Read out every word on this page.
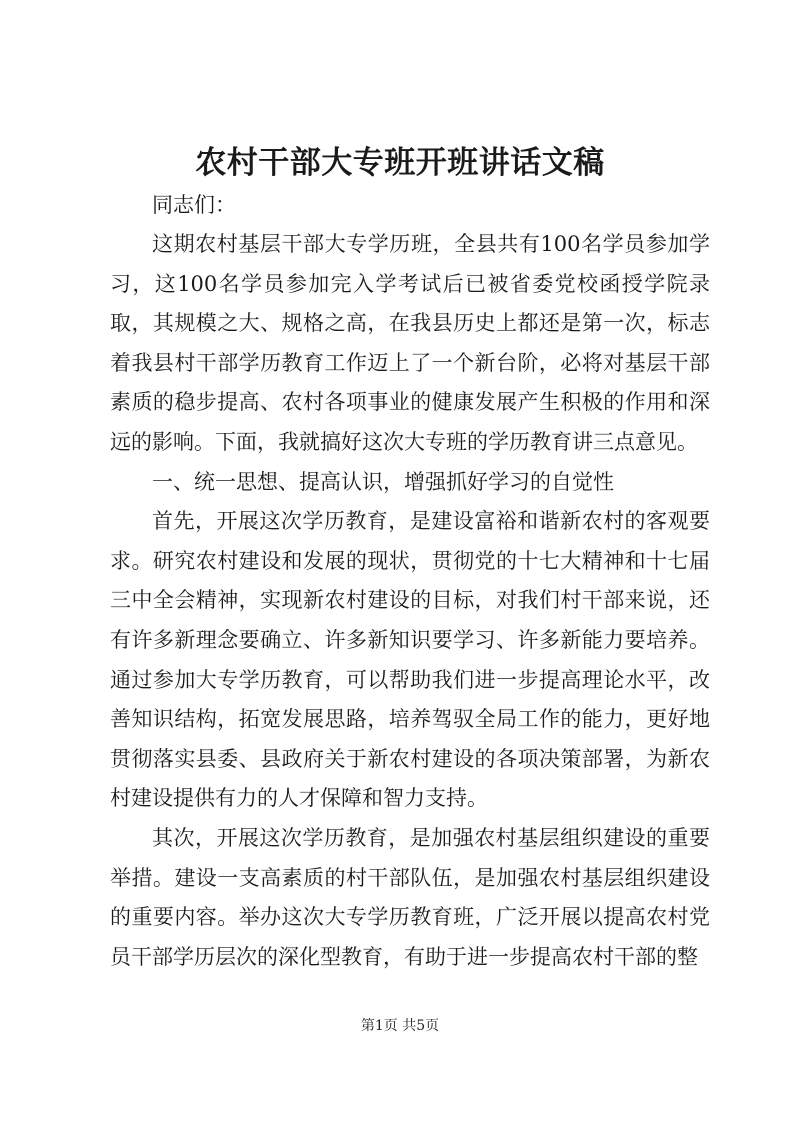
农村干部大专班开班讲话文稿

同志们：

这期农村基层干部大专学历班，全县共有100名学员参加学习，这100名学员参加完入学考试后已被省委党校函授学院录取，其规模之大、规格之高，在我县历史上都还是第一次，标志着我县村干部学历教育工作迈上了一个新台阶，必将对基层干部素质的稳步提高、农村各项事业的健康发展产生积极的作用和深远的影响。下面，我就搞好这次大专班的学历教育讲三点意见。

一、统一思想、提高认识，增强抓好学习的自觉性

首先，开展这次学历教育，是建设富裕和谐新农村的客观要求。研究农村建设和发展的现状，贯彻党的十七大精神和十七届三中全会精神，实现新农村建设的目标，对我们村干部来说，还有许多新理念要确立、许多新知识要学习、许多新能力要培养。通过参加大专学历教育，可以帮助我们进一步提高理论水平，改善知识结构，拓宽发展思路，培养驾驭全局工作的能力，更好地贯彻落实县委、县政府关于新农村建设的各项决策部署，为新农村建设提供有力的人才保障和智力支持。

其次，开展这次学历教育，是加强农村基层组织建设的重要举措。建设一支高素质的村干部队伍，是加强农村基层组织建设的重要内容。举办这次大专学历教育班，广泛开展以提高农村党员干部学历层次的深化型教育，有助于进一步提高农村干部的整

第1页 共5页
